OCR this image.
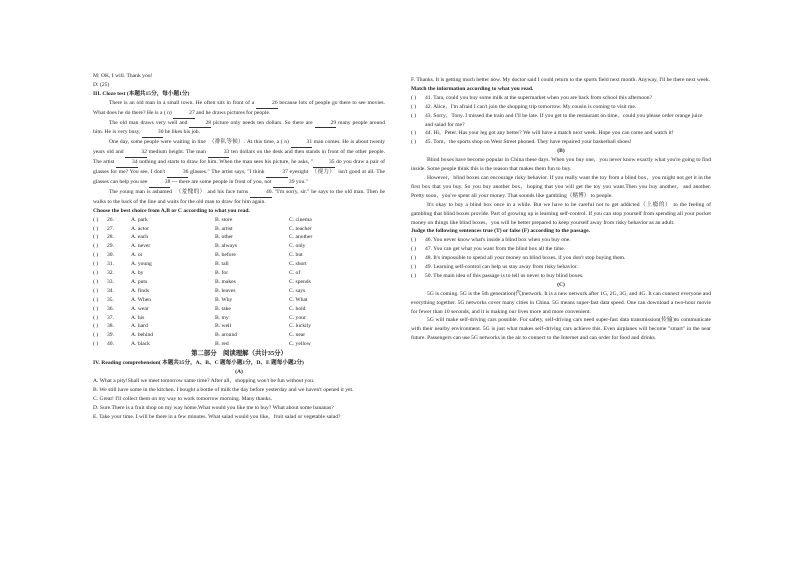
M: OK, I will. Thank you!

D: (25)

III. Cloze test (本题共15分，每小题1分)

There is an old man in a small town. He often sits in front of a	26 because lots of people go there to see movies. What does he do there? He is a ( n)	27 and he draws pictures for people.

The old man draws very well and	28 picture only needs ten dollars. So there are	29 many people around him. He is very busy,	30 he likes his job.

One day, some people were waiting in line　（排队等候）. At this time, a ( n)	31 man comes. He is about twenty years old and	32 medium height. The man	33 ten dollars on the desk and then stands in front of the other people. The artist	34 nothing and starts to draw for him. When the man sees his picture, he asks, "	35 do you draw a pair of glasses for me? You see, I don't	36 glasses." The artist says, "I think	37 eyesight　（视力）　isn't good at all. The glasses can help you see	38 --- there are some people in front of you, not	39 you."

The young man is ashamed　（羞愧的） and his face turns	40. "I'm sorry, sir." he says to the old man. Then he walks to the back of the line and waits for the old man to draw for him again.

Choose the best choice from A,B or C according to what you read.

( )	26.	A. park	B. store	C. cinema
( )	27.	A. actor	B. artist	C. teacher
( )	28.	A. each	B. other	C. another
( )	29.	A. never	B. always	C. only
( )	30.	A. or	B. before	C. but
( )	31.	A. young	B. tall	C. short
( )	32.	A. by	B. for	C. of
( )	33.	A. puts	B. makes	C. spends
( )	34.	A. finds	B. leaves	C. says
( )	35.	A. When	B. Why	C. What
( )	36.	A. wear	B. take	C. hold
( )	37.	A. his	B. my	C. your
( )	38.	A. hard	B. well	C. luckily
( )	39.	A. behind	B. around	C. near
( )	40.	A. black	B. red	C. yellow

第二部分　阅读理解（共计35分）

IV. Reading comprehension( 本题共35分，A、B、C 题每小题1分，D、E 题每小题2分)

(A)

A. What a pity!Shall we meet tomorrow same time? After all，shopping won't be fun without you.

B. We still have some in the kitchen. I bought a bottle of milk the day before yesterday and we haven't opened it yet.

C. Great! I'll collect them on my way to work tomorrow morning. Many thanks.

D. Sure.There is a fruit shop on my way home.What would you like me to buy? What about some bananas?

E. Take your time. I will be there in a few minutes. What salad would you like，fruit salad or vegetable salad?

F. Thanks. It is getting much better now. My doctor said I could return to the sports field next month. Anyway, I'll be there next week.

Match the information according to what you read.

( )	41. Tara, could you buy some milk at the supermarket when you are back from school this afternoon?
( )	42. Alice，I'm afraid I can't join the shopping trip tomorrow. My cousin is coming to visit me.
( )	43. Sorry，Tony. I missed the train and I'll be late. If you get to the restaurant on time，could you please order orange juice and salad for me?
( )	44. Hi，Peter. Has your leg got any better? We will have a match next week. Hope you can come and watch it!
( )	45. Tom，the sports shop on West Street phoned. They have repaired your basketball shoes!

(B)

Blind boxes have become popular in China these days. When you buy one，you never know exactly what you're going to find inside. Some people think this is the reason that makes them fun to buy.

However，blind boxes can encourage risky behavior. If you really want the toy from a blind box，you might not get it in the first box that you buy. So you buy another box，hoping that you will get the toy you want.Then you buy another，and another. Pretty soon，you've spent all your money. That sounds like gambling（赌博） to people.

It's okay to buy a blind box once in a while. But we have to be careful not to get addicted（上瘾的） to the feeling of gambling that blind boxes provide. Part of growing up is learning self-control. If you can stop yourself from spending all your pocket money on things like blind boxes，you will be better prepared to keep yourself away from risky behavior as an adult.

Judge the following sentences true (T) or false (F) according to the passage.

( )	46. You never know what's inside a blind box when you buy one.
( )	47. You can get what you want from the blind box all the time.
( )	48. It's impossible to spend all your money on blind boxes, if you don't stop buying them.
( )	49. Learning self-control can help us stay away from risky behavior.
( )	50. The main idea of this passage is to tell us never to buy blind boxes.

(C)

5G is coming. 5G is the 5th generation(代)network. It is a new network after 1G, 2G, 3G, and 4G. It can connect everyone and everything together. 5G networks cover many cities in China. 5G means super-fast data speed. One can download a two-hour movie for fewer than 10 seconds, and it is making our lives more and more convenient.

5G will make self-driving cars possible. For safety, self-driving cars need super-fast data transmission(传输)to communicate with their nearby environment. 5G is just what makes self-driving cars achieve this. Even airplanes will become "smart" in the near future. Passengers can use 5G networks in the air to connect to the Internet and can order for food and drinks.
